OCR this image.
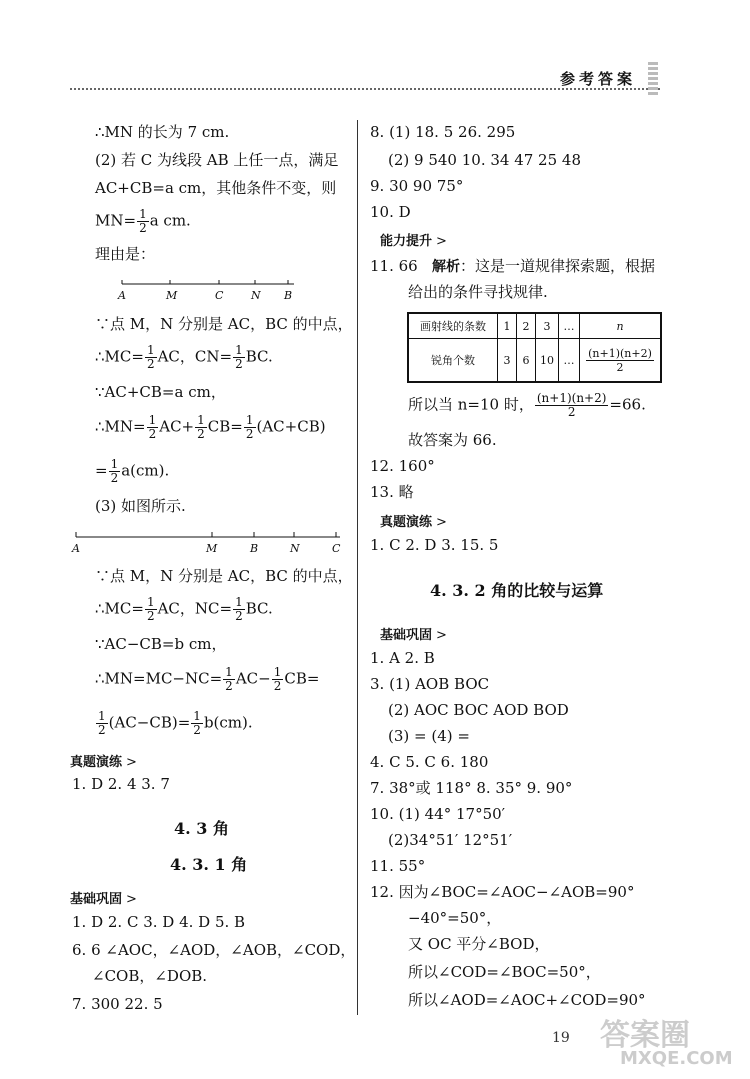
参考答案
∴MN 的长为 7 cm.
(2) 若 C 为线段 AB 上任一点，满足
AC+CB=a cm，其他条件不变，则
$MN= \frac{1}{2}$ a cm.
理由是：
A	M	C	N B
∵点 M，N 分别是 AC，BC 的中点，
∴MC= $\frac{1}{2}$ AC，$CN= \frac{1}{2}$ BC.
∵AC+CB=a cm，
∴MN= $\frac{1}{2} AC+ \frac{1}{2} CB= \frac{1}{2} (AC+CB)$
= $\frac{1}{2} a(cm)$.
(3) 如图所示.
A	M	B	N	C
∵点 M，N 分别是 AC，BC 的中点，
∴MC= $\frac{1}{2}$ AC，$NC= \frac{1}{2}$ BC.
∵AC−CB=b cm，
∴MN=MC−NC= $\frac{1}{2} AC- \frac{1}{2} CB=$
$\frac{1}{2} (AC-CB)= \frac{1}{2} b(cm)$.
真题演练 >
1. D 2. 4 3. 7
4. 3 角
4. 3. 1 角
基础巩固 >
1. D 2. C 3. D 4. D 5. B
6. 6 ∠AOC，∠AOD，∠AOB，∠COD，
∠COB，∠DOB.
7. 300 22. 5
8. (1) 18. 5 26. 295
(2) 9 540 10. 34 47 25 48
9. 30 90 75°
10. D
能力提升 >
11. 66 解析：这是一道规律探索题，根据
给出的条件寻找规律.
画射线的条数	1	2	3	…	n
锐角个数	3	6	10	…	$\frac{(n+1)(n+2)}{2}$
所以当 n=10 时， $\frac{(n+1)(n+2)}{2} =66$.
故答案为 66.
12. 160°
13. 略
真题演练 >
1. C 2. D 3. 15. 5
4. 3. 2 角的比较与运算
基础巩固 >
1. A 2. B
3. (1) AOB BOC
(2) AOC BOC AOD BOD
(3) = (4) =
4. C 5. C 6. 180
7. 38°或 118° 8. 35° 9. 90°
10. (1) 44° 17°50′
(2)34°51′ 12°51′
11. 55°
12. 因为∠BOC=∠AOC−∠AOB=90°
−40°=50°，
又 OC 平分∠BOD，
所以∠COD=∠BOC=50°，
所以∠AOD=∠AOC+∠COD=90°
19 答案圈
MXQE.COM
